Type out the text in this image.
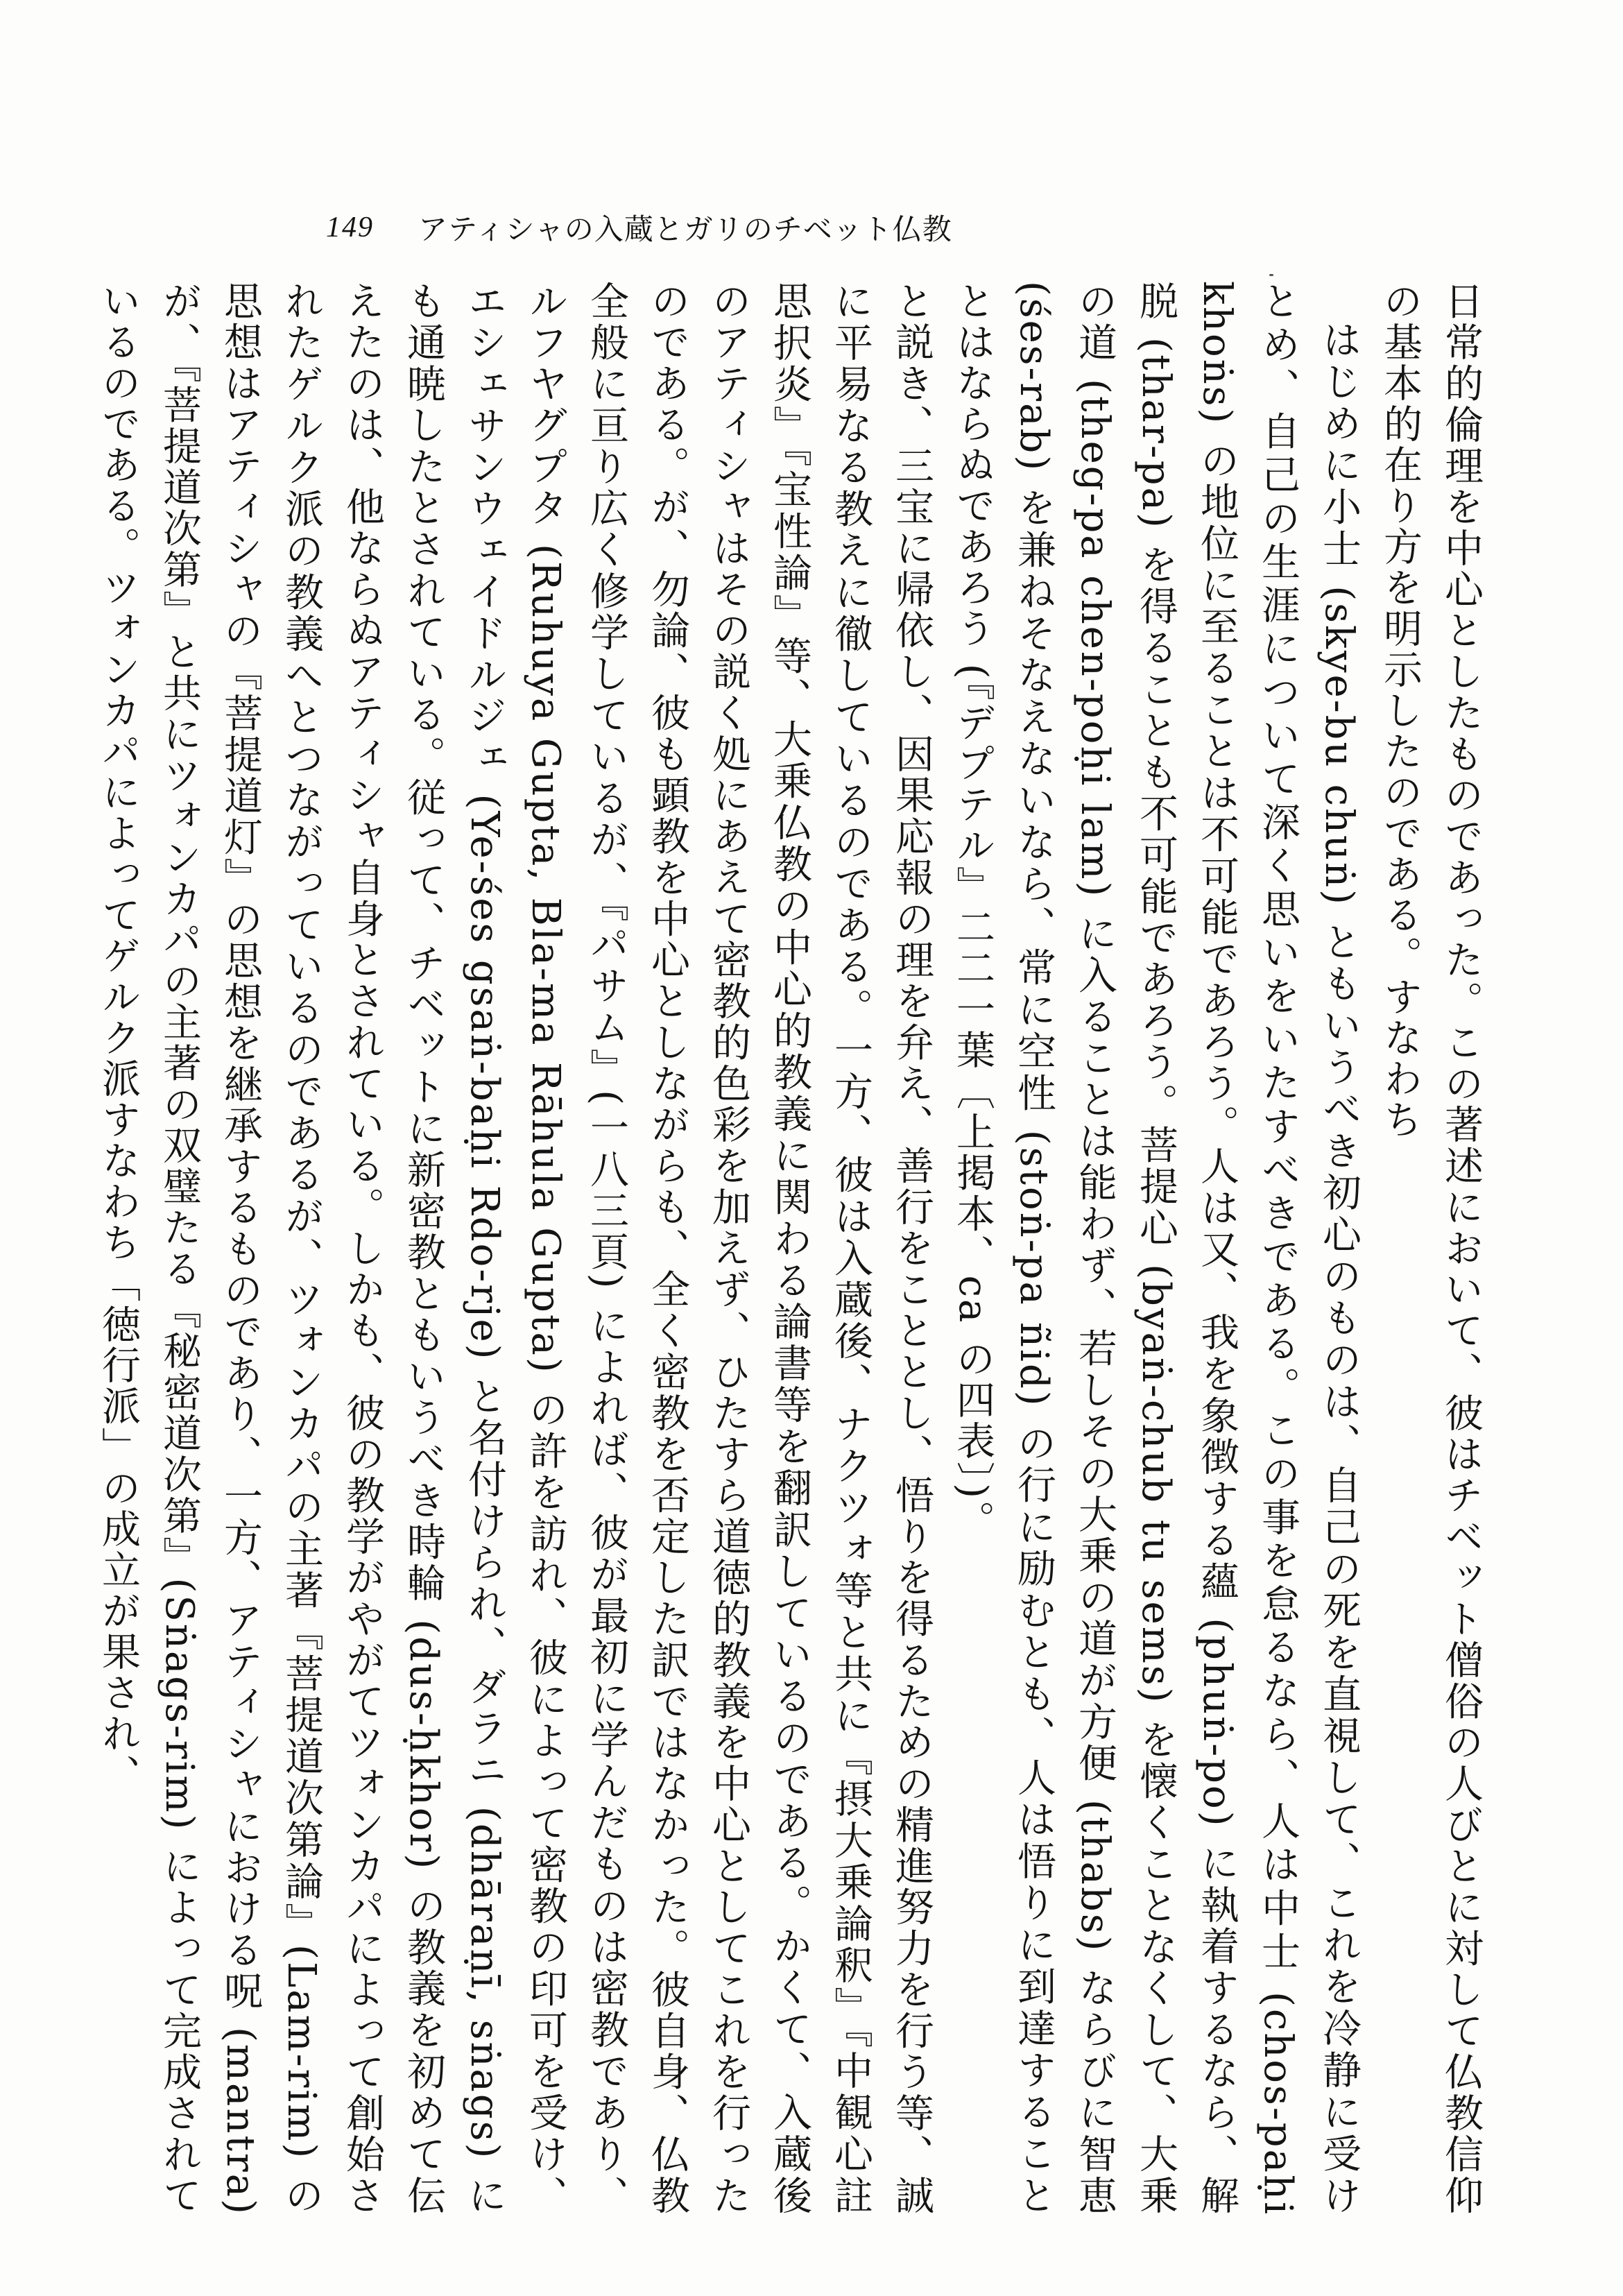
149 アティシャの入蔵とガリのチベット仏教

日常的倫理を中心としたものであった。この著述において、彼はチベット僧俗の人びとに対して仏教信仰の基本的在り方を明示したのである。すなわち

はじめに小士 (skye-bu chuṅ) ともいうべき初心のものは、自己の死を直視して、これを冷静に受けとめ、自己の生涯について深く思いをいたすべきである。この事を怠るなら、人は中士 (chos-paḥi khoṅs) の地位に至ることは不可能であろう。人は又、我を象徴する蘊 (phuṅ-po) に執着するなら、解脱 (thar-pa) を得ることも不可能であろう。菩提心 (byaṅ-chub tu sems) を懐くことなくして、大乗の道 (theg-pa chen-poḥi lam) に入ることは能わず、若しその大乗の道が方便 (thabs) ならびに智恵 (śes-rab) を兼ねそなえないなら、常に空性 (stoṅ-pa ñid) の行に励むとも、人は悟りに到達することとはならぬであろう (『デプテル』二二一葉〔上掲本、ca の四表〕)。

と説き、三宝に帰依し、因果応報の理を弁え、善行をこととし、悟りを得るための精進努力を行う等、誠に平易なる教えに徹しているのである。一方、彼は入蔵後、ナクツォ等と共に『摂大乗論釈』『中観心註思択炎』『宝性論』等、大乗仏教の中心的教義に関わる論書等を翻訳しているのである。かくて、入蔵後のアティシャはその説く処にあえて密教的色彩を加えず、ひたすら道徳的教義を中心としてこれを行ったのである。が、勿論、彼も顕教を中心としながらも、全く密教を否定した訳ではなかった。彼自身、仏教全般に亘り広く修学しているが、『パサム』(一八三頁) によれば、彼が最初に学んだものは密教であり、ルフヤグプタ (Ruhuya Gupta, Bla-ma Rāhula Gupta) の許を訪れ、彼によって密教の印可を受け、エシェサンウェイドルジェ (Ye-śes gsaṅ-baḥi Rdo-rje) と名付けられ、ダラニ (dhāraṇī, sṅags) にも通暁したとされている。従って、チベットに新密教ともいうべき時輪 (dus-ḥkhor) の教義を初めて伝えたのは、他ならぬアティシャ自身とされている。しかも、彼の教学がやがてツォンカパによって創始されたゲルク派の教義へとつながっているのであるが、ツォンカパの主著『菩提道次第論』(Lam-rim) の思想はアティシャの『菩提道灯』の思想を継承するものであり、一方、アティシャにおける呪 (mantra) が、『菩提道次第』と共にツォンカパの主著の双璧たる『秘密道次第』(Sṅags-rim) によって完成されているのである。ツォンカパによってゲルク派すなわち「徳行派」の成立が果され、
